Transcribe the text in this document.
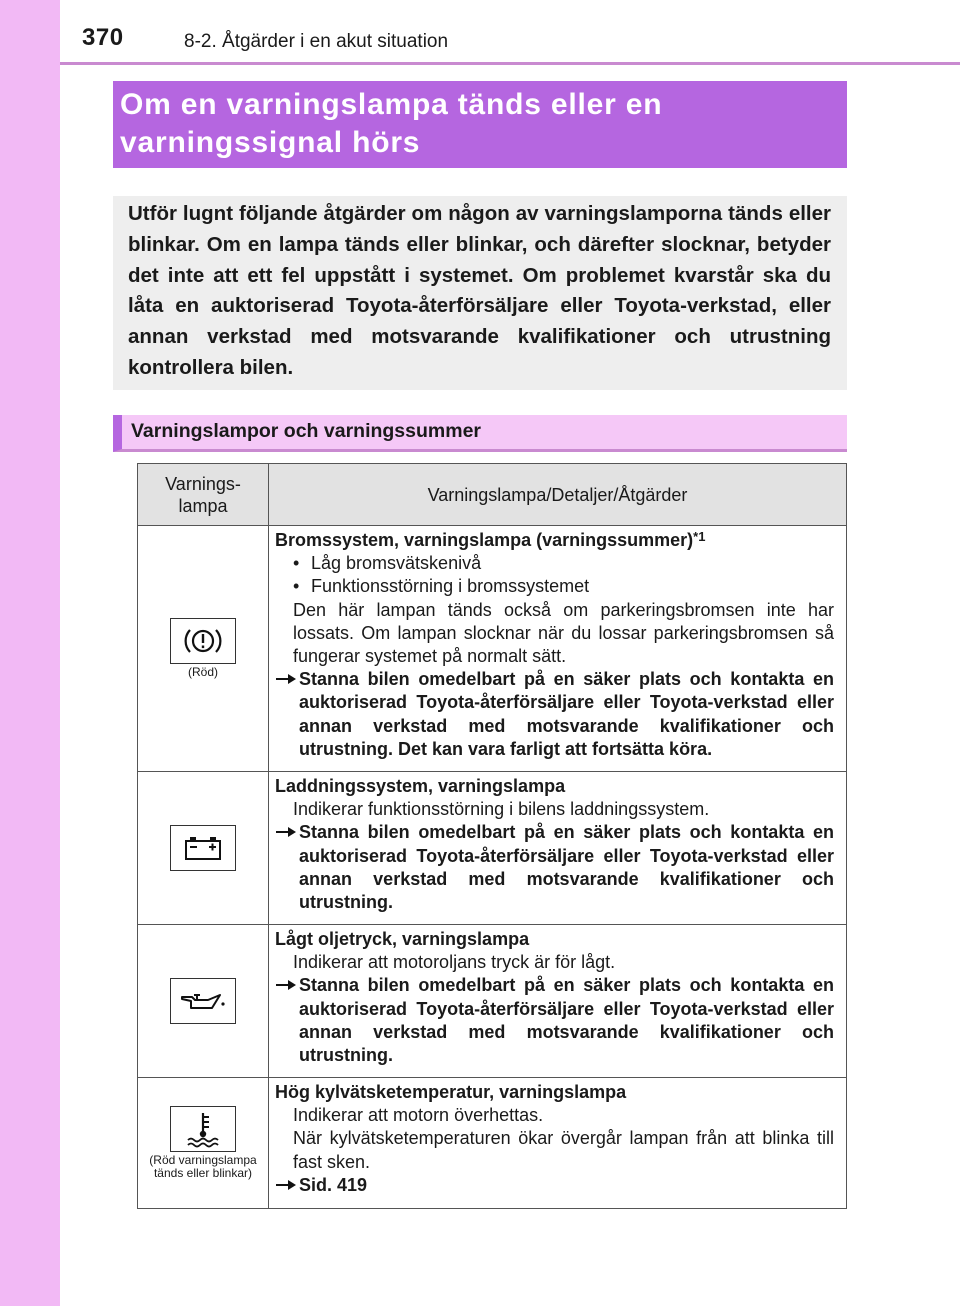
370	8-2. Åtgärder i en akut situation
Om en varningslampa tänds eller en varningssignal hörs

Utför lugnt följande åtgärder om någon av varningslamporna tänds eller blinkar. Om en lampa tänds eller blinkar, och därefter slocknar, betyder det inte att ett fel uppstått i systemet. Om problemet kvarstår ska du låta en auktoriserad Toyota-återförsäljare eller Toyota-verkstad, eller annan verkstad med motsvarande kvalifikationer och utrustning kontrollera bilen.

Varningslampor och varningssummer
Varnings-
lampa	Varningslampa/Detaljer/Åtgärder

(Röd)	Bromssystem, varningslampa (varningssummer)$^{*1}$
• Låg bromsvätskenivå
• Funktionsstörning i bromssystemet
Den här lampan tänds också om parkeringsbromsen inte har lossats. Om lampan slocknar när du lossar parkeringsbromsen så fungerar systemet på normalt sätt.
Stanna bilen omedelbart på en säker plats och kontakta en auktoriserad Toyota-återförsäljare eller Toyota-verkstad eller annan verkstad med motsvarande kvalifikationer och utrustning. Det kan vara farligt att fortsätta köra.

Laddningssystem, varningslampa
Indikerar funktionsstörning i bilens laddningssystem.
Stanna bilen omedelbart på en säker plats och kontakta en auktoriserad Toyota-återförsäljare eller Toyota-verkstad eller annan verkstad med motsvarande kvalifikationer och utrustning.

Lågt oljetryck, varningslampa
Indikerar att motoroljans tryck är för lågt.
Stanna bilen omedelbart på en säker plats och kontakta en auktoriserad Toyota-återförsäljare eller Toyota-verkstad eller annan verkstad med motsvarande kvalifikationer och utrustning.

(Röd varningslampa tänds eller blinkar)	Hög kylvätsketemperatur, varningslampa
Indikerar att motorn överhettas.
När kylvätsketemperaturen ökar övergår lampan från att blinka till fast sken.
Sid. 419
